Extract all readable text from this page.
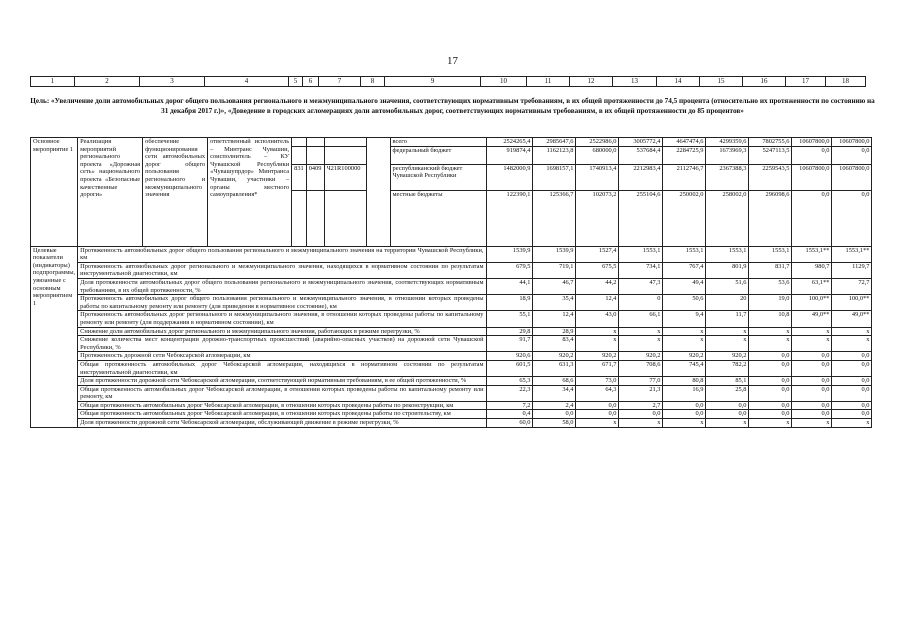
17
1	2	3	4	5	6	7	8	9	10	11	12	13	14	15	16	17	18
Цель: «Увеличение доли автомобильных дорог общего пользования регионального и межмуниципального значения, соответствующих нормативным требованиям, в их общей протяженности до 74,5 процента (относительно их протяженности по состоянию на 31 декабря 2017 г.)», «Доведение в городских агломерациях доли автомобильных дорог, соответствующих нормативным требованиям, в их общей протяженности до 85 процентов»
Основное мероприятие 1	Реализация мероприятий регионального проекта «Дорожная сеть» национального проекта «Безопасные качественные дороги»	обеспечение функционирования сети автомобильных дорог общего пользования регионального и межмуниципального значения	ответственный исполнитель – Минтранс Чувашии, соисполнитель – КУ Чувашской Республики «Чувашупрдор» Минтранса Чувашии, участники – органы местного самоуправления*					всего	2524265,4	2985647,6	2522986,0	3005772,4	4647474,6	4299359,6	7802755,6	10607800,0	10607800,0
								федеральный бюджет	919874,4	1162123,8	680000,0	537684,4	2284725,9	1673969,3	5247113,5	0,0	0,0
				831	0409	Ч21R100000		республиканский бюджет Чувашской Республики	1482000,9	1698157,1	1740913,4	2212983,4	2112746,7	2367388,3	2259543,5	10607800,0	10607800,0
								местные бюджеты	122390,1	125366,7	102073,2	255104,6	250002,0	258002,0	296098,6	0,0	0,0
Целевые показатели (индикаторы) подпрограммы, увязанные с основным мероприятием 1	Протяженность автомобильных дорог общего пользования регионального и межмуниципального значения на территории Чувашской Республики, км								1539,9	1539,9	1527,4	1553,1	1553,1	1553,1	1553,1	1553,1**	1553,1**
	Протяженность автомобильных дорог регионального и межмуниципального значения, находящихся в нормативном состоянии по результатам инструментальной диагностики, км								679,5	719,1	675,5	734,1	767,4	801,9	831,7	980,7	1129,7
	Доля протяженности автомобильных дорог общего пользования регионального и межмуниципального значения, соответствующих нормативным требованиям, в их общей протяженности, %								44,1	46,7	44,2	47,3	49,4	51,6	53,6	63,1**	72,7
	Протяженность автомобильных дорог общего пользования регионального и межмуниципального значения, в отношении которых проведены работы по капитальному ремонту или ремонту (для приведения в нормативное состояние), км								18,9	35,4	12,4	0	50,6	20	19,0	100,0**	100,0**
	Протяженность автомобильных дорог регионального и межмуниципального значения, в отношении которых проведены работы по капитальному ремонту или ремонту (для поддержания в нормативном состоянии), км								55,1	12,4	43,0	66,1	9,4	11,7	10,8	49,0**	49,0**
	Снижение доли автомобильных дорог регионального и межмуниципального значения, работающих в режиме перегрузки, %								29,8	28,9	х	х	х	х	х	х	х
	Снижение количества мест концентрации дорожно-транспортных происшествий (аварийно-опасных участков) на дорожной сети Чувашской Республики, %								91,7	83,4	х	х	х	х	х	х	х
	Протяженность дорожной сети Чебоксарской агломерации, км								920,6	920,2	920,2	920,2	920,2	920,2	0,0	0,0	0,0
	Общая протяженность автомобильных дорог Чебоксарской агломерации, находящихся в нормативном состоянии по результатам инструментальной диагностики, км								601,5	631,3	671,7	708,6	745,4	782,2	0,0	0,0	0,0
	Доля протяженности дорожной сети Чебоксарской агломерации, соответствующей нормативным требованиям, в ее общей протяженности, %								65,3	68,6	73,0	77,0	80,8	85,1	0,0	0,0	0,0
	Общая протяженность автомобильных дорог Чебоксарской агломерации, в отношении которых проведены работы по капитальному ремонту или ремонту, км								22,3	34,4	64,3	21,3	16,9	25,8	0,0	0,0	0,0
	Общая протяженность автомобильных дорог Чебоксарской агломерации, в отношении которых проведены работы по реконструкции, км								7,2	2,4	0,0	2,7	0,0	0,0	0,0	0,0	0,0
	Общая протяженность автомобильных дорог Чебоксарской агломерации, в отношении которых проведены работы по строительству, км								0,4	0,0	0,0	0,0	0,0	0,0	0,0	0,0	0,0
	Доля протяженности дорожной сети Чебоксарской агломерации, обслуживающей движение в режиме перегрузки, %								60,0	58,0	х	х	х	х	х	х	х
